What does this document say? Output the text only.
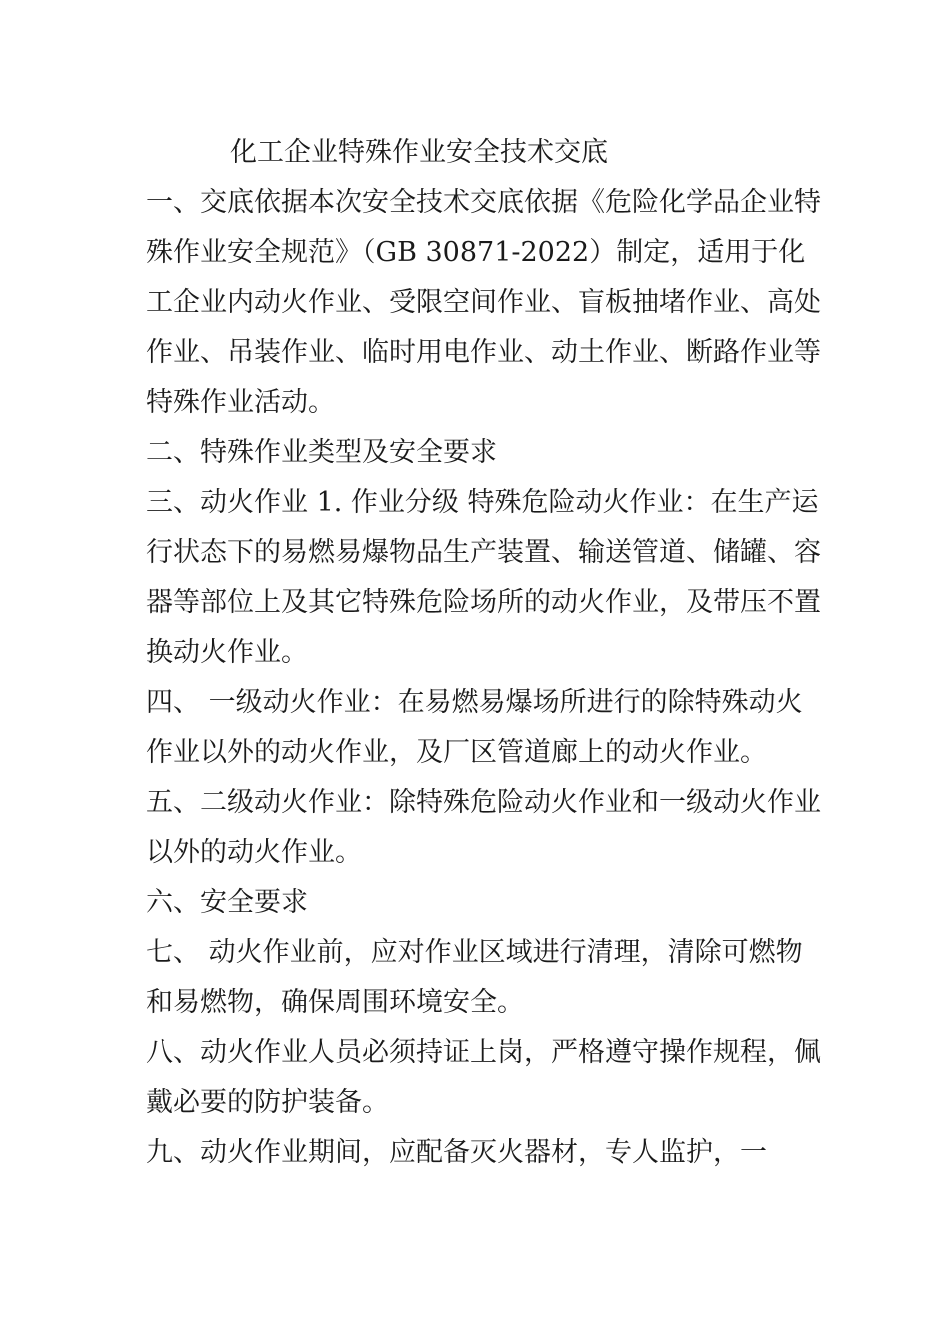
化工企业特殊作业安全技术交底

一、交底依据本次安全技术交底依据《危险化学品企业特殊作业安全规范》（GB 30871-2022）制定，适用于化工企业内动火作业、受限空间作业、盲板抽堵作业、高处作业、吊装作业、临时用电作业、动土作业、断路作业等特殊作业活动。

二、特殊作业类型及安全要求

三、动火作业 1. 作业分级 特殊危险动火作业：在生产运行状态下的易燃易爆物品生产装置、输送管道、储罐、容器等部位上及其它特殊危险场所的动火作业，及带压不置换动火作业。

四、 一级动火作业：在易燃易爆场所进行的除特殊动火作业以外的动火作业，及厂区管道廊上的动火作业。

五、二级动火作业：除特殊危险动火作业和一级动火作业以外的动火作业。

六、安全要求

七、 动火作业前，应对作业区域进行清理，清除可燃物和易燃物，确保周围环境安全。

八、动火作业人员必须持证上岗，严格遵守操作规程，佩戴必要的防护装备。

九、动火作业期间，应配备灭火器材，专人监护，一
